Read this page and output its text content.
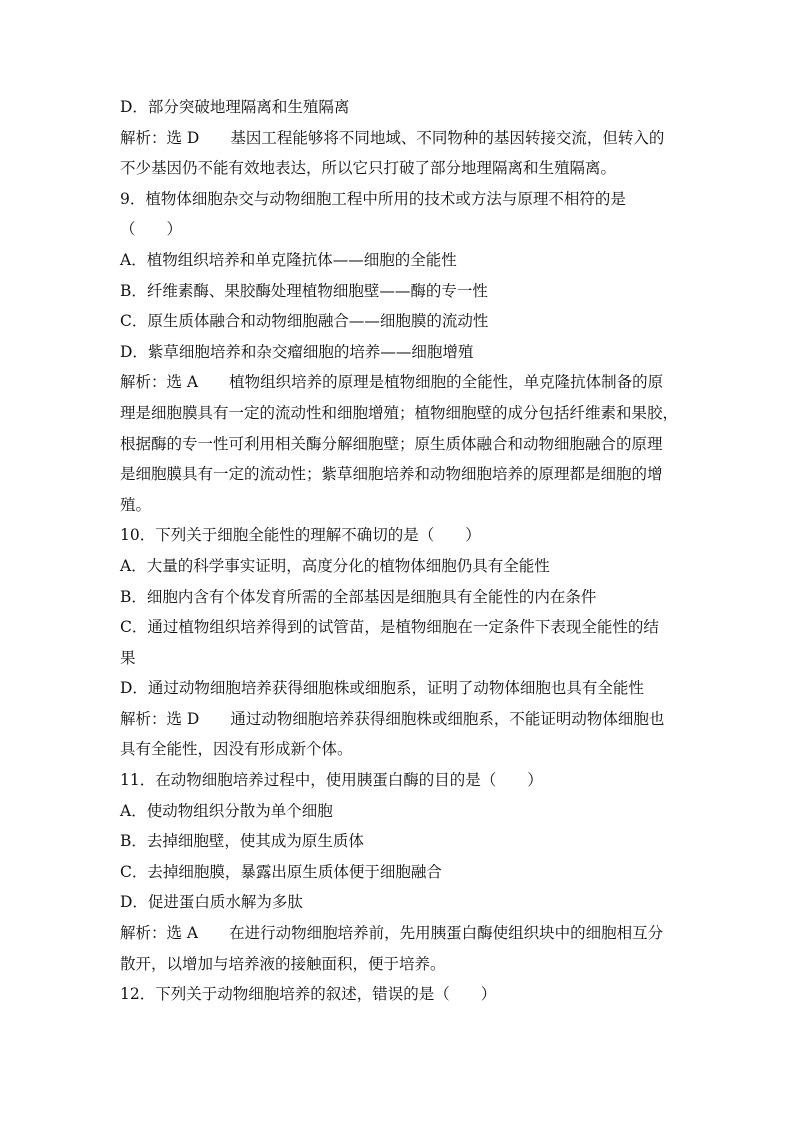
D．部分突破地理隔离和生殖隔离
解析：选 D　　基因工程能够将不同地域、不同物种的基因转接交流，但转入的
不少基因仍不能有效地表达，所以它只打破了部分地理隔离和生殖隔离。
9．植物体细胞杂交与动物细胞工程中所用的技术或方法与原理不相符的是
（　　）
A．植物组织培养和单克隆抗体——细胞的全能性
B．纤维素酶、果胶酶处理植物细胞壁——酶的专一性
C．原生质体融合和动物细胞融合——细胞膜的流动性
D．紫草细胞培养和杂交瘤细胞的培养——细胞增殖
解析：选 A　　植物组织培养的原理是植物细胞的全能性，单克隆抗体制备的原
理是细胞膜具有一定的流动性和细胞增殖；植物细胞壁的成分包括纤维素和果胶，
根据酶的专一性可利用相关酶分解细胞壁；原生质体融合和动物细胞融合的原理
是细胞膜具有一定的流动性；紫草细胞培养和动物细胞培养的原理都是细胞的增
殖。
10．下列关于细胞全能性的理解不确切的是（　　）
A．大量的科学事实证明，高度分化的植物体细胞仍具有全能性
B．细胞内含有个体发育所需的全部基因是细胞具有全能性的内在条件
C．通过植物组织培养得到的试管苗，是植物细胞在一定条件下表现全能性的结
果
D．通过动物细胞培养获得细胞株或细胞系，证明了动物体细胞也具有全能性
解析：选 D　　通过动物细胞培养获得细胞株或细胞系，不能证明动物体细胞也
具有全能性，因没有形成新个体。
11．在动物细胞培养过程中，使用胰蛋白酶的目的是（　　）
A．使动物组织分散为单个细胞
B．去掉细胞壁，使其成为原生质体
C．去掉细胞膜，暴露出原生质体便于细胞融合
D．促进蛋白质水解为多肽
解析：选 A　　在进行动物细胞培养前，先用胰蛋白酶使组织块中的细胞相互分
散开，以增加与培养液的接触面积，便于培养。
12．下列关于动物细胞培养的叙述，错误的是（　　）
